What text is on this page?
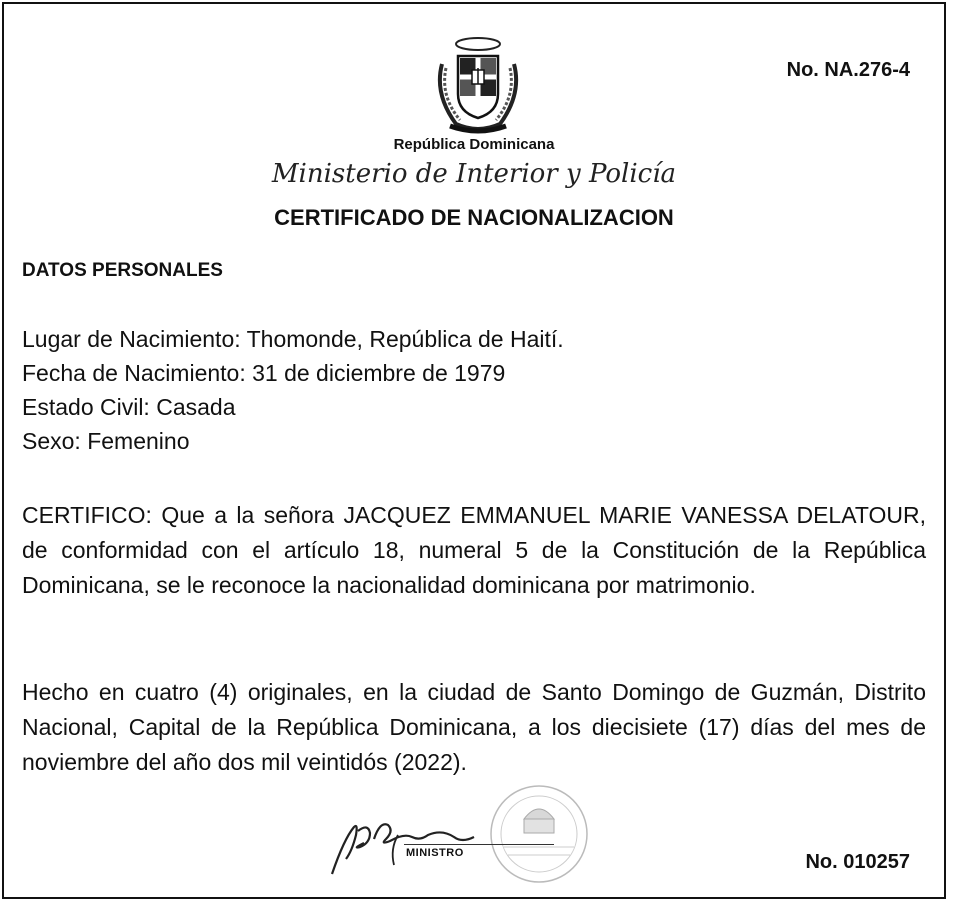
No. NA.276-4
República Dominicana
Ministerio de Interior y Policía
CERTIFICADO DE NACIONALIZACION
DATOS PERSONALES
Lugar de Nacimiento: Thomonde, República de Haití.
Fecha de Nacimiento: 31 de diciembre de 1979
Estado Civil: Casada
Sexo: Femenino
CERTIFICO: Que a la señora JACQUEZ EMMANUEL MARIE VANESSA DELATOUR, de conformidad con el artículo 18, numeral 5 de la Constitución de la República Dominicana, se le reconoce la nacionalidad dominicana por matrimonio.
Hecho en cuatro (4) originales, en la ciudad de Santo Domingo de Guzmán, Distrito Nacional, Capital de la República Dominicana, a los diecisiete (17) días del mes de noviembre del año dos mil veintidós (2022).
MINISTRO	No. 010257
